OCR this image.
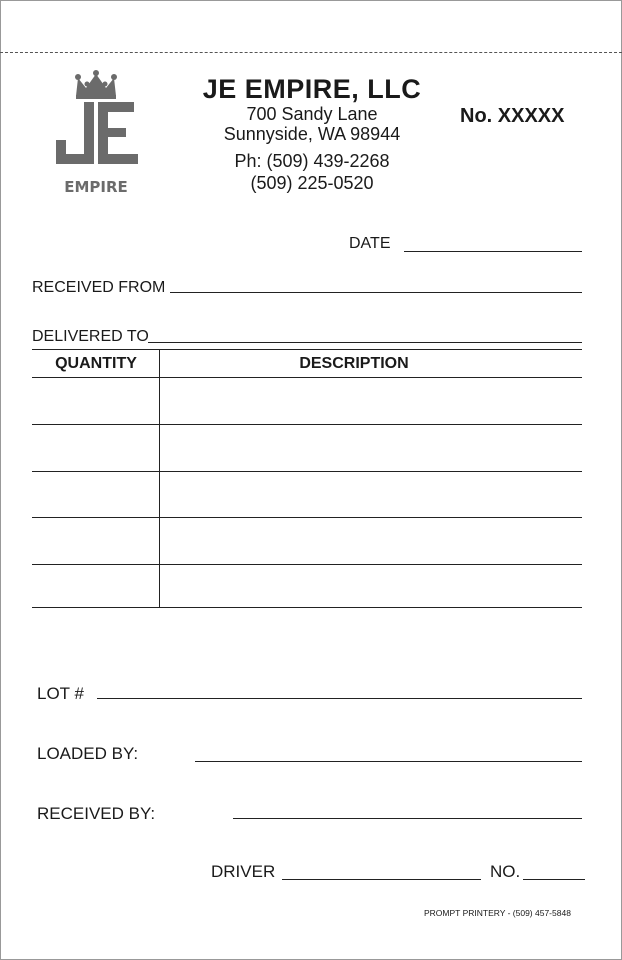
EMPIRE
JE EMPIRE, LLC
700 Sandy Lane
Sunnyside, WA 98944
Ph: (509) 439-2268
(509) 225-0520
No. XXXXX
DATE
RECEIVED FROM
DELIVERED TO
QUANTITY	DESCRIPTION
LOT #
LOADED BY:
RECEIVED BY:
DRIVER	NO.
PROMPT PRINTERY - (509) 457-5848
